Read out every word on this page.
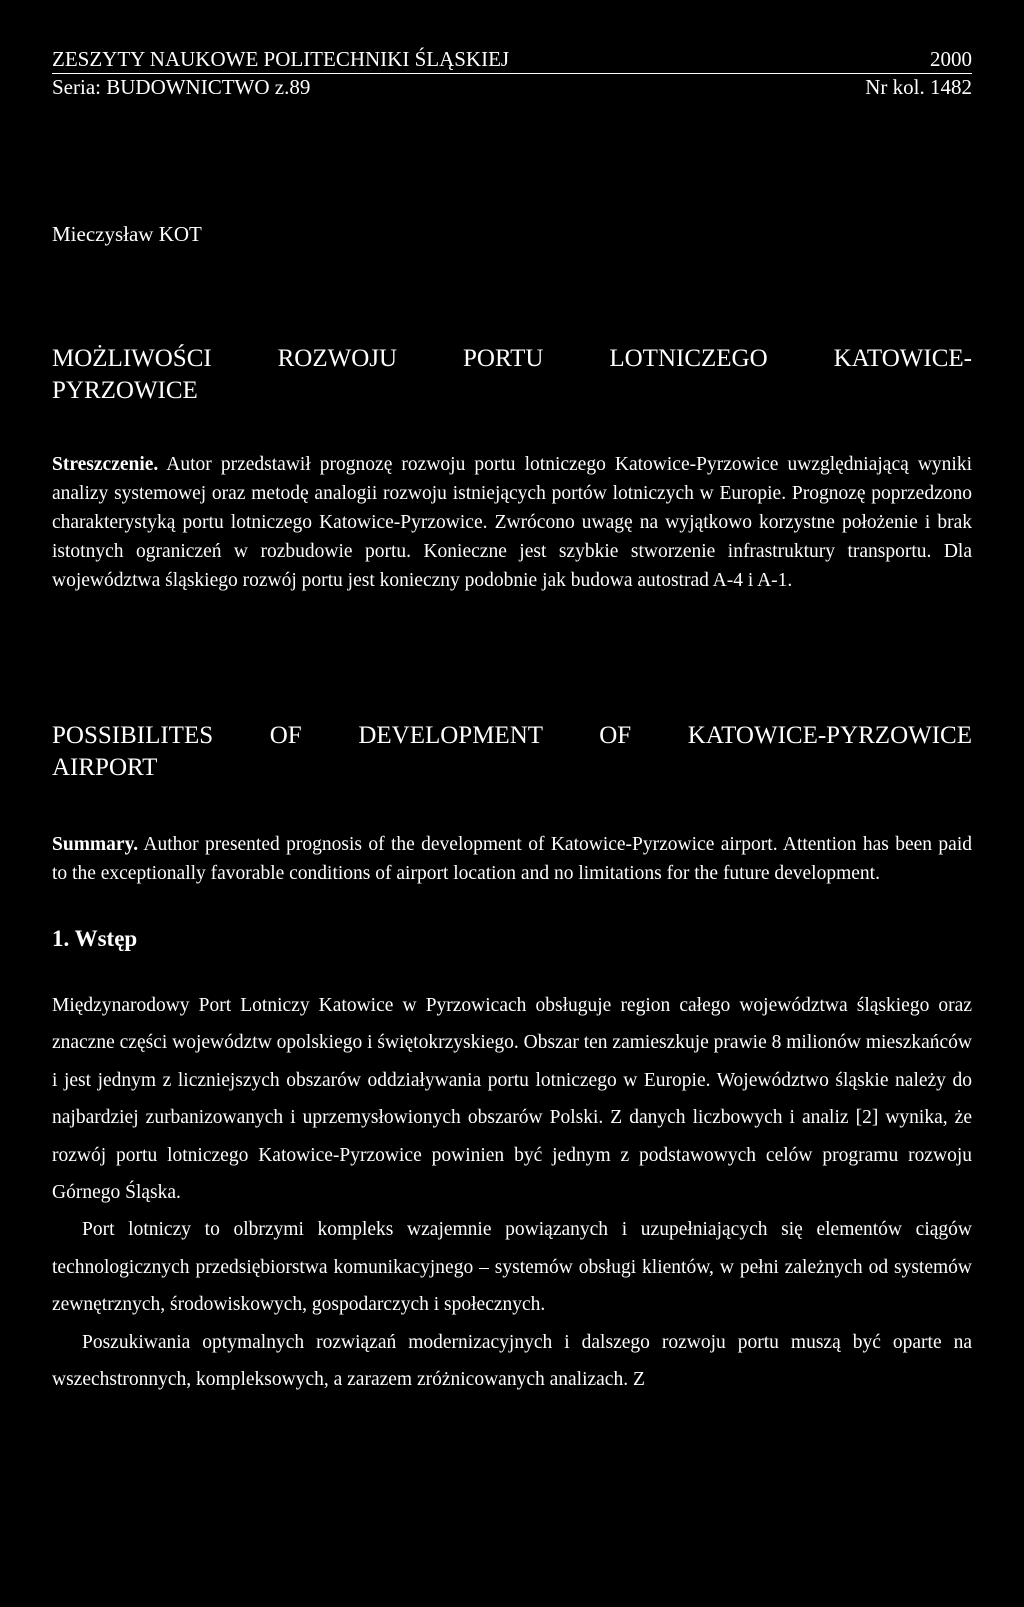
ZESZYTY NAUKOWE POLITECHNIKI ŚLĄSKIEJ	2000
Seria: BUDOWNICTWO z.89	Nr kol. 1482
Mieczysław KOT
MOŻLIWOŚCI ROZWOJU PORTU LOTNICZEGO KATOWICE-
PYRZOWICE
Streszczenie. Autor przedstawił prognozę rozwoju portu lotniczego Katowice-Pyrzowice uwzględniającą wyniki analizy systemowej oraz metodę analogii rozwoju istniejących portów lotniczych w Europie. Prognozę poprzedzono charakterystyką portu lotniczego Katowice-Pyrzowice. Zwrócono uwagę na wyjątkowo korzystne położenie i brak istotnych ograniczeń w rozbudowie portu. Konieczne jest szybkie stworzenie infrastruktury transportu. Dla województwa śląskiego rozwój portu jest konieczny podobnie jak budowa autostrad A-4 i A-1.
POSSIBILITES OF DEVELOPMENT OF KATOWICE-PYRZOWICE
Summary. Author presented prognosis of the development of Katowice-Pyrzowice airport. Attention has been paid to the exceptionally favorable conditions of airport location and no limitations for the future development.
AIRPORT
1. Wstęp

Międzynarodowy Port Lotniczy Katowice w Pyrzowicach obsługuje region całego województwa śląskiego oraz znaczne części województw opolskiego i świętokrzyskiego. Obszar ten zamieszkuje prawie 8 milionów mieszkańców i jest jednym z liczniejszych obszarów oddziaływania portu lotniczego w Europie. Województwo śląskie należy do najbardziej zurbanizowanych i uprzemysłowionych obszarów Polski. Z danych liczbowych i analiz [2] wynika, że rozwój portu lotniczego Katowice-Pyrzowice powinien być jednym z podstawowych celów programu rozwoju Górnego Śląska.

Port lotniczy to olbrzymi kompleks wzajemnie powiązanych i uzupełniających się elementów ciągów technologicznych przedsiębiorstwa komunikacyjnego – systemów obsługi klientów, w pełni zależnych od systemów zewnętrznych, środowiskowych, gospodarczych i społecznych.

Poszukiwania optymalnych rozwiązań modernizacyjnych i dalszego rozwoju portu muszą być oparte na wszechstronnych, kompleksowych, a zarazem zróżnicowanych analizach. Z
